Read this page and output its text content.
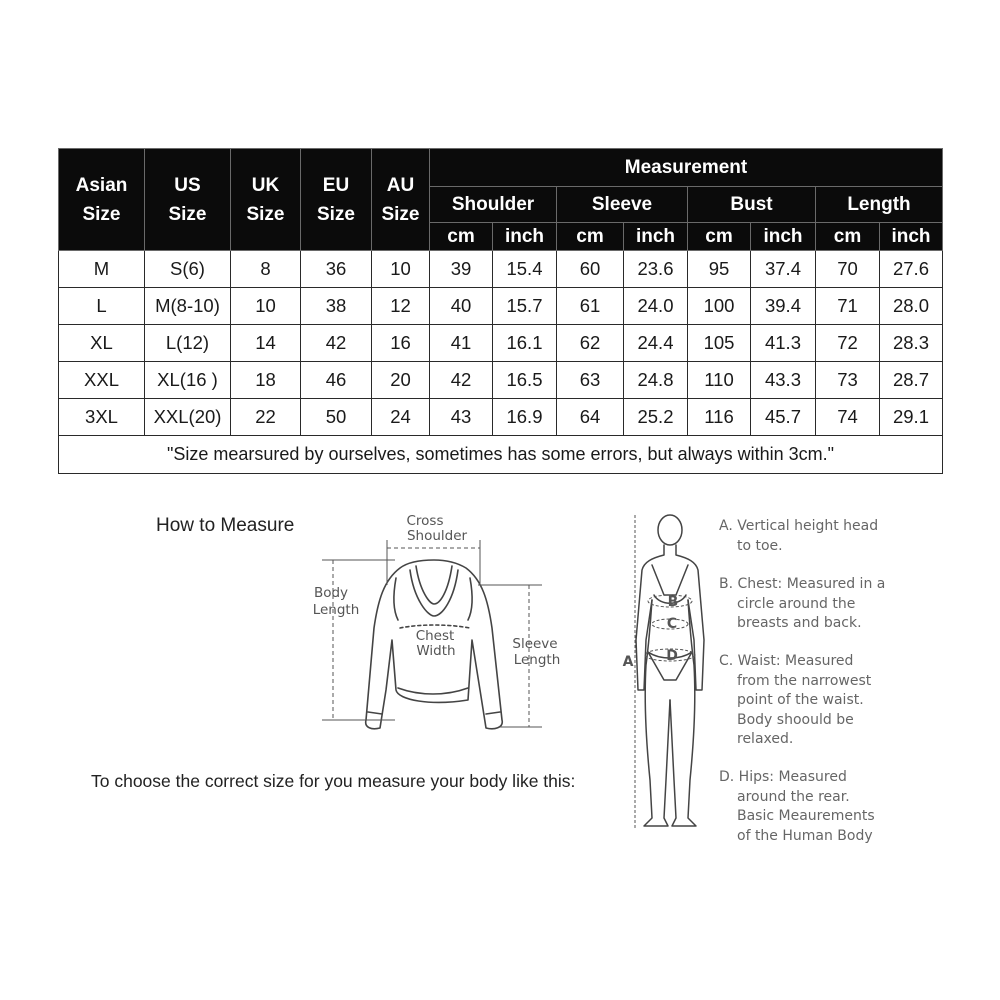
Asian Size	US Size	UK Size	EU Size	AU Size	Measurement							
					Shoulder		Sleeve		Bust		Length	
					cm	inch	cm	inch	cm	inch	cm	inch
M	S(6)	8	36	10	39	15.4	60	23.6	95	37.4	70	27.6
L	M(8-10)	10	38	12	40	15.7	61	24.0	100	39.4	71	28.0
XL	L(12)	14	42	16	41	16.1	62	24.4	105	41.3	72	28.3
XXL	XL(16 )	18	46	20	42	16.5	63	24.8	110	43.3	73	28.7
3XL	XXL(20)	22	50	24	43	16.9	64	25.2	116	45.7	74	29.1
"Size mearsured by ourselves, sometimes has some errors, but always within 3cm."												
How to Measure
To choose the correct size for you measure your body like this:
Cross
Shoulder
Body
Length
Chest
Width	Sleeve
Length	A
B
C
D
A. Vertical height head
to toe.
B. Chest: Measured in a
circle around the
breasts and back.
C. Waist: Measured
from the narrowest
point of the waist.
Body shoould be
relaxed.
D. Hips: Measured
around the rear.
Basic Meaurements
of the Human Body
